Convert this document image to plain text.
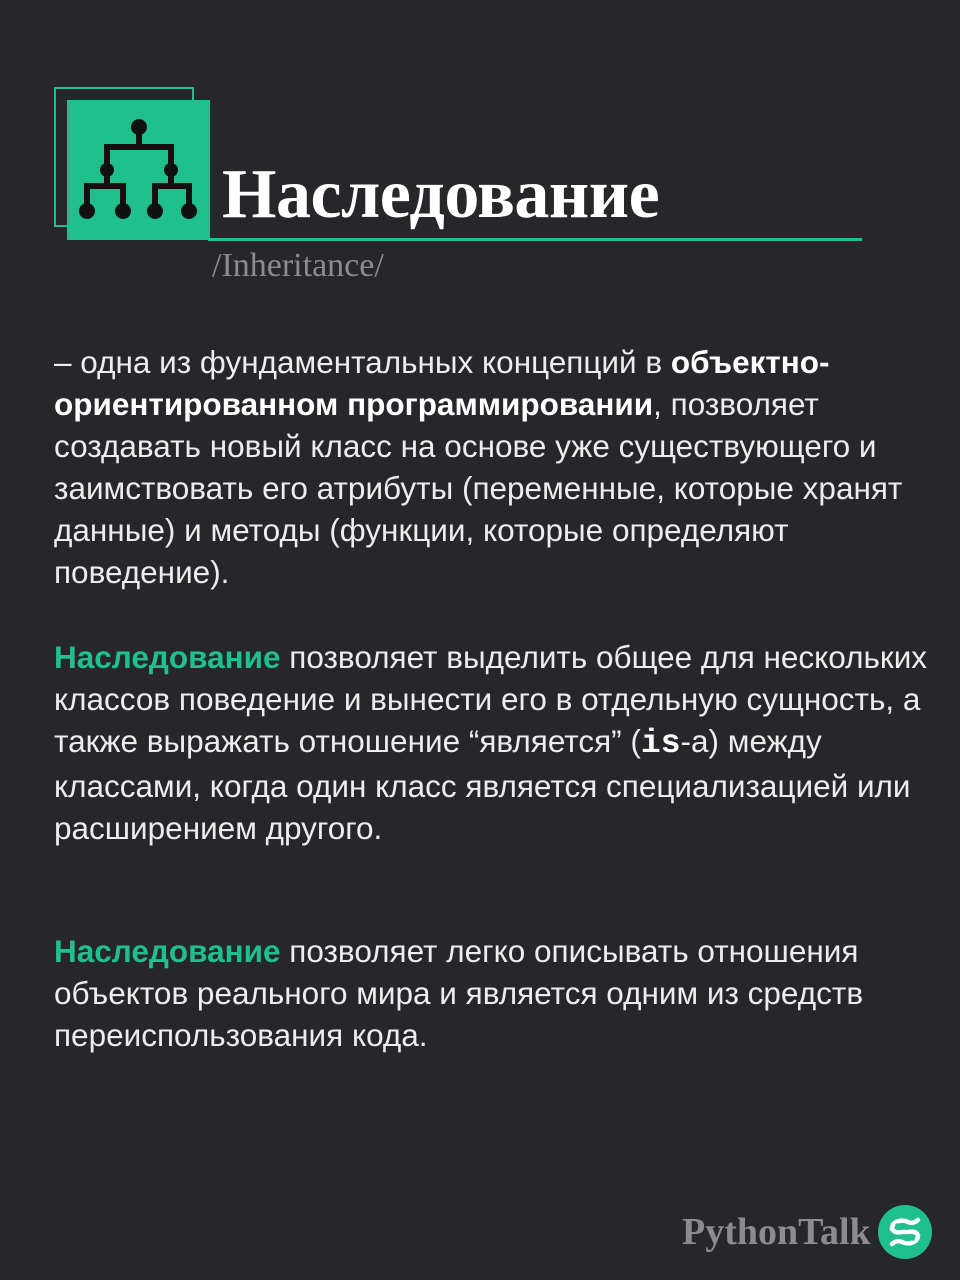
Наследование
/Inheritance/

– одна из фундаментальных концепций в объектно-ориентированном программировании, позволяет создавать новый класс на основе уже существующего и заимствовать его атрибуты (переменные, которые хранят данные) и методы (функции, которые определяют поведение).

Наследование позволяет выделить общее для нескольких классов поведение и вынести его в отдельную сущность, а также выражать отношение “является” (is-a) между классами, когда один класс является специализацией или расширением другого.

Наследование позволяет легко описывать отношения объектов реального мира и является одним из средств переиспользования кода.

PythonTalk
